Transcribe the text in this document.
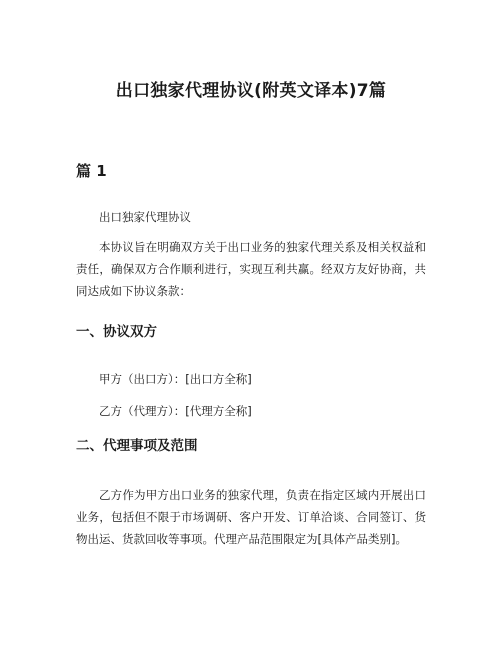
出口独家代理协议(附英文译本)7篇
篇 1
出口独家代理协议

本协议旨在明确双方关于出口业务的独家代理关系及相关权益和责任，确保双方合作顺利进行，实现互利共赢。经双方友好协商，共同达成如下协议条款：

一、协议双方
甲方（出口方）：[出口方全称]
乙方（代理方）：[代理方全称]
二、代理事项及范围

乙方作为甲方出口业务的独家代理，负责在指定区域内开展出口业务，包括但不限于市场调研、客户开发、订单洽谈、合同签订、货物出运、货款回收等事项。代理产品范围限定为[具体产品类别]。
